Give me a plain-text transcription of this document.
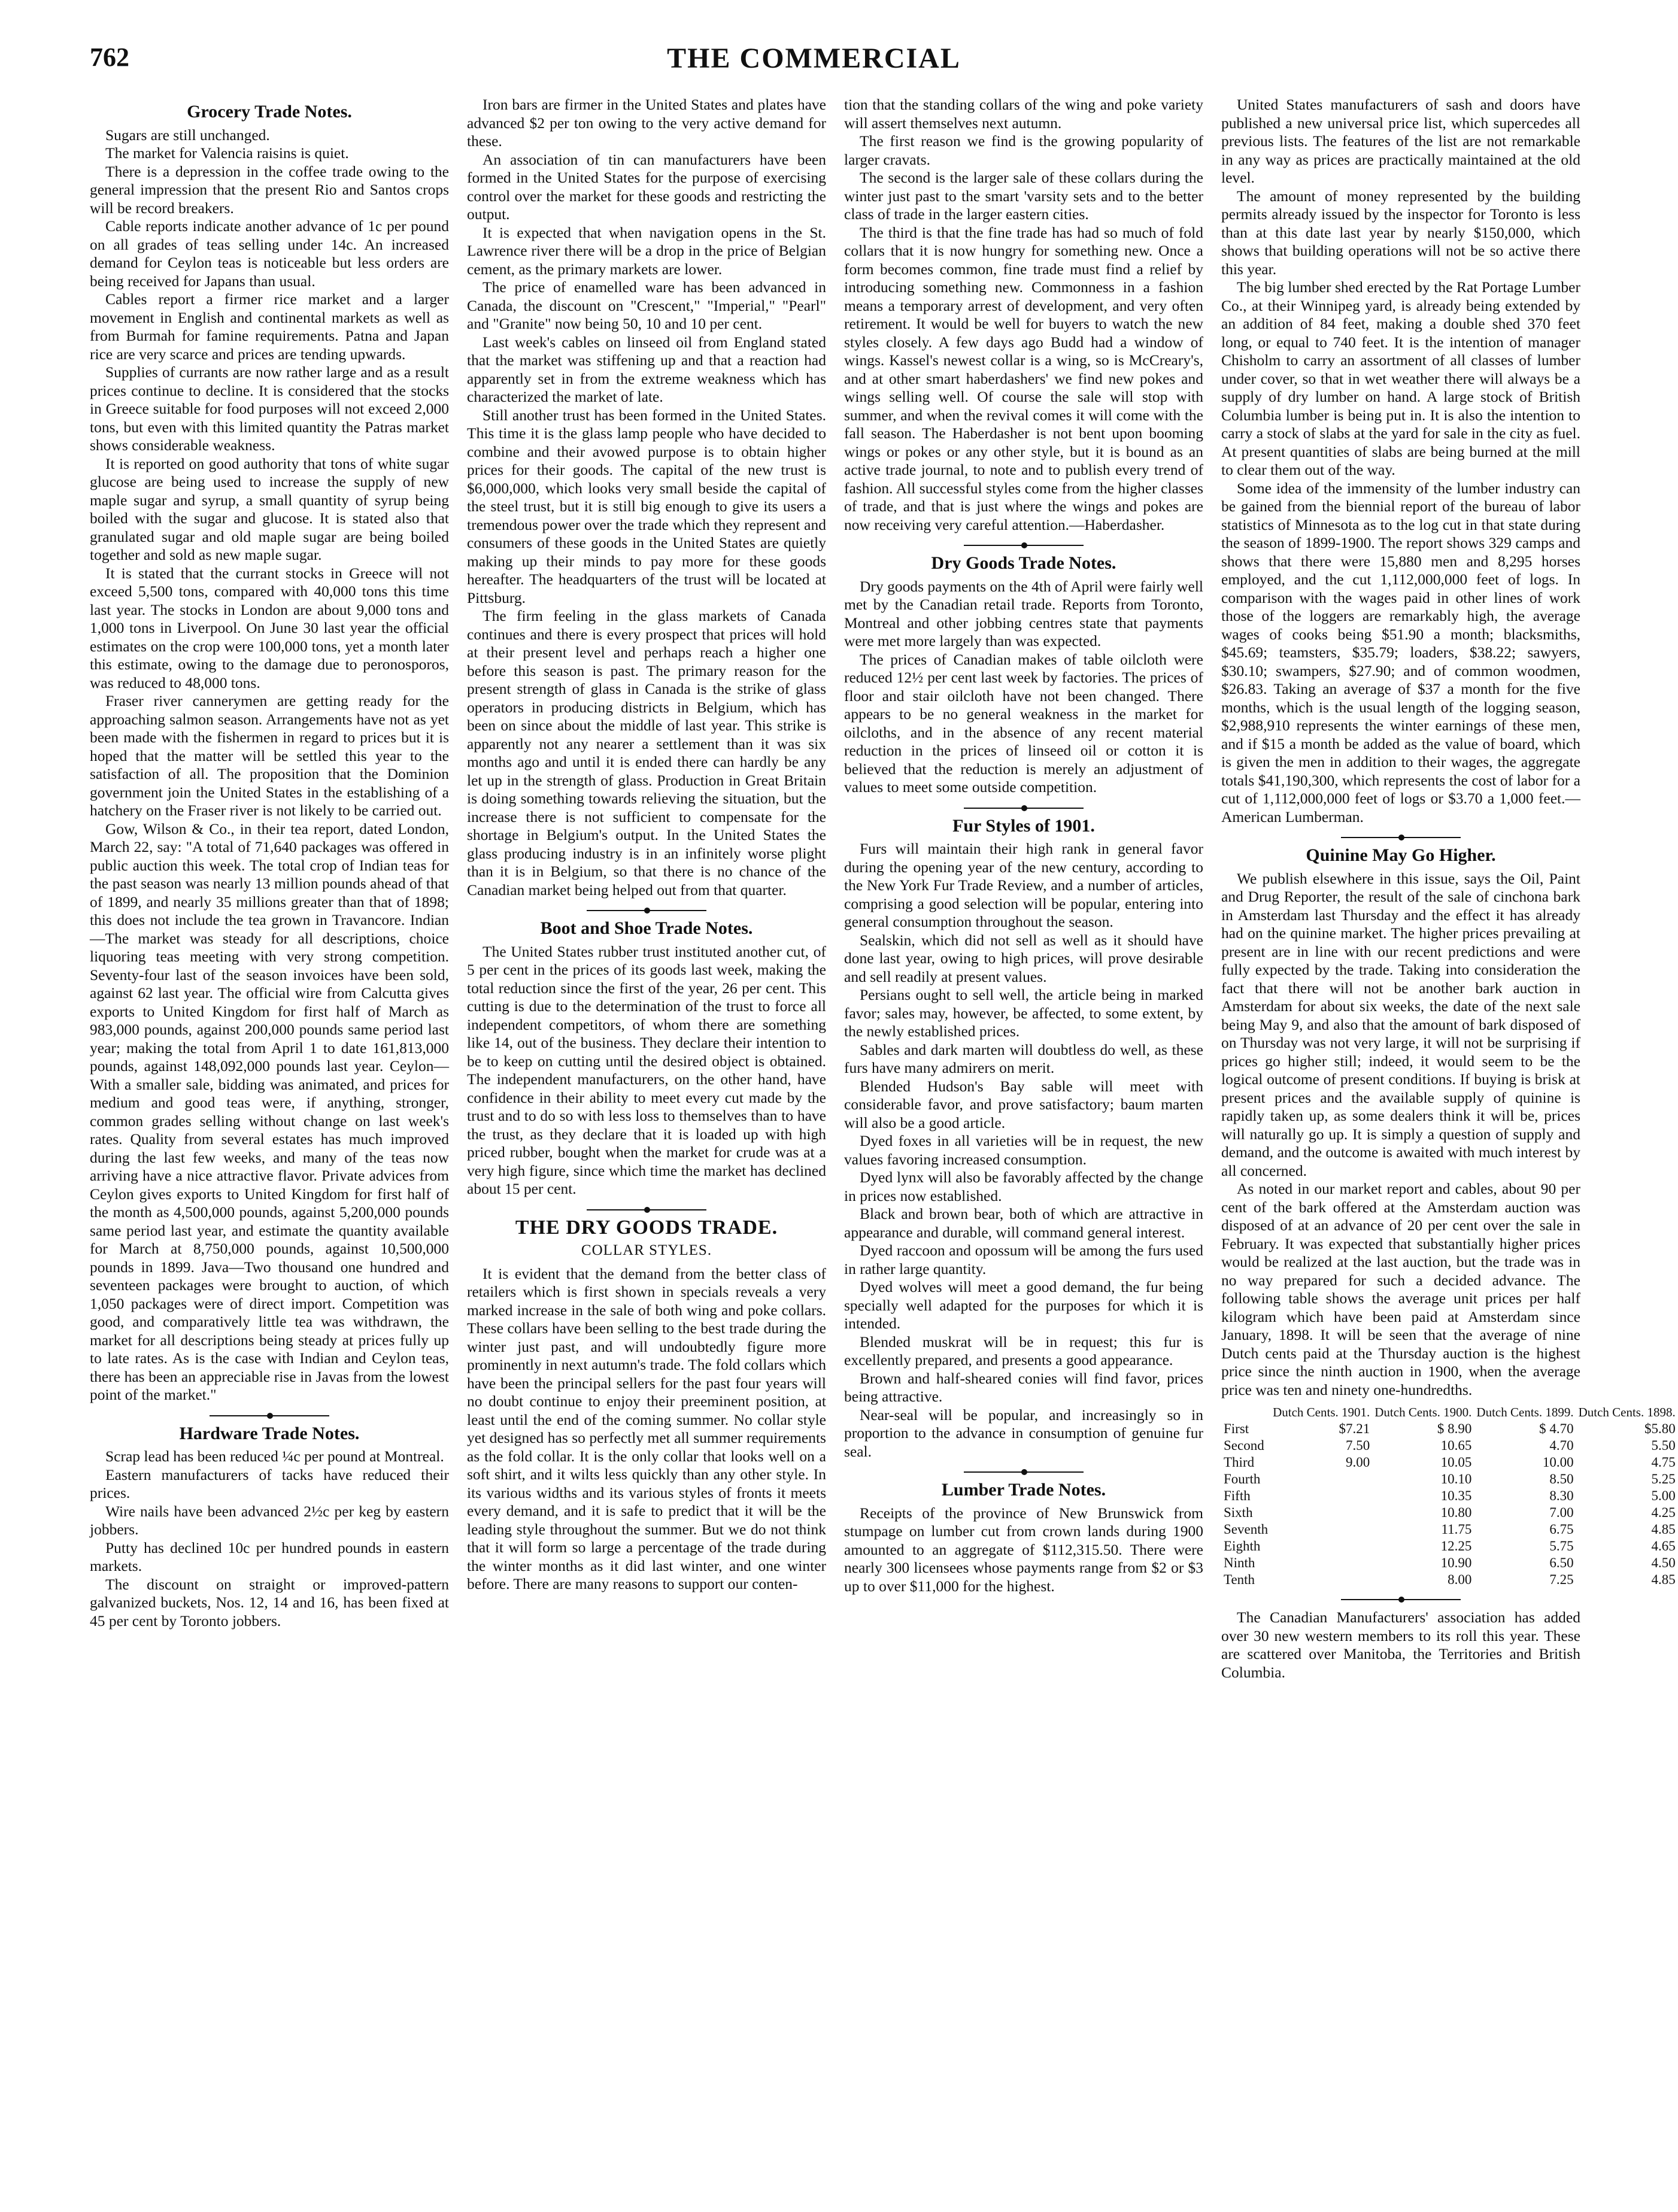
762	THE COMMERCIAL
Grocery Trade Notes.

Sugars are still unchanged.

The market for Valencia raisins is quiet.

There is a depression in the coffee trade owing to the general impression that the present Rio and Santos crops will be record breakers.

Cable reports indicate another advance of 1c per pound on all grades of teas selling under 14c. An increased demand for Ceylon teas is noticeable but less orders are being received for Japans than usual.

Cables report a firmer rice market and a larger movement in English and continental markets as well as from Burmah for famine requirements. Patna and Japan rice are very scarce and prices are tending upwards.

Supplies of currants are now rather large and as a result prices continue to decline. It is considered that the stocks in Greece suitable for food purposes will not exceed 2,000 tons, but even with this limited quantity the Patras market shows considerable weakness.

It is reported on good authority that tons of white sugar glucose are being used to increase the supply of new maple sugar and syrup, a small quantity of syrup being boiled with the sugar and glucose. It is stated also that granulated sugar and old maple sugar are being boiled together and sold as new maple sugar.

It is stated that the currant stocks in Greece will not exceed 5,500 tons, compared with 40,000 tons this time last year. The stocks in London are about 9,000 tons and 1,000 tons in Liverpool. On June 30 last year the official estimates on the crop were 100,000 tons, yet a month later this estimate, owing to the damage due to peronosporos, was reduced to 48,000 tons.

Fraser river cannerymen are getting ready for the approaching salmon season. Arrangements have not as yet been made with the fishermen in regard to prices but it is hoped that the matter will be settled this year to the satisfaction of all. The proposition that the Dominion government join the United States in the establishing of a hatchery on the Fraser river is not likely to be carried out.

Gow, Wilson & Co., in their tea report, dated London, March 22, say: "A total of 71,640 packages was offered in public auction this week. The total crop of Indian teas for the past season was nearly 13 million pounds ahead of that of 1899, and nearly 35 millions greater than that of 1898; this does not include the tea grown in Travancore. Indian—The market was steady for all descriptions, choice liquoring teas meeting with very strong competition. Seventy-four last of the season invoices have been sold, against 62 last year. The official wire from Calcutta gives exports to United Kingdom for first half of March as 983,000 pounds, against 200,000 pounds same period last year; making the total from April 1 to date 161,813,000 pounds, against 148,092,000 pounds last year. Ceylon—With a smaller sale, bidding was animated, and prices for medium and good teas were, if anything, stronger, common grades selling without change on last week's rates. Quality from several estates has much improved during the last few weeks, and many of the teas now arriving have a nice attractive flavor. Private advices from Ceylon gives exports to United Kingdom for first half of the month as 4,500,000 pounds, against 5,200,000 pounds same period last year, and estimate the quantity available for March at 8,750,000 pounds, against 10,500,000 pounds in 1899. Java—Two thousand one hundred and seventeen packages were brought to auction, of which 1,050 packages were of direct import. Competition was good, and comparatively little tea was withdrawn, the market for all descriptions being steady at prices fully up to late rates. As is the case with Indian and Ceylon teas, there has been an appreciable rise in Javas from the lowest point of the market."

Hardware Trade Notes.

Scrap lead has been reduced ¼c per pound at Montreal.

Eastern manufacturers of tacks have reduced their prices.

Wire nails have been advanced 2½c per keg by eastern jobbers.

Putty has declined 10c per hundred pounds in eastern markets.

The discount on straight or improved-pattern galvanized buckets, Nos. 12, 14 and 16, has been fixed at 45 per cent by Toronto jobbers.

Iron bars are firmer in the United States and plates have advanced $2 per ton owing to the very active demand for these.

An association of tin can manufacturers have been formed in the United States for the purpose of exercising control over the market for these goods and restricting the output.

It is expected that when navigation opens in the St. Lawrence river there will be a drop in the price of Belgian cement, as the primary markets are lower.

The price of enamelled ware has been advanced in Canada, the discount on "Crescent," "Imperial," "Pearl" and "Granite" now being 50, 10 and 10 per cent.

Last week's cables on linseed oil from England stated that the market was stiffening up and that a reaction had apparently set in from the extreme weakness which has characterized the market of late.

Still another trust has been formed in the United States. This time it is the glass lamp people who have decided to combine and their avowed purpose is to obtain higher prices for their goods. The capital of the new trust is $6,000,000, which looks very small beside the capital of the steel trust, but it is still big enough to give its users a tremendous power over the trade which they represent and consumers of these goods in the United States are quietly making up their minds to pay more for these goods hereafter. The headquarters of the trust will be located at Pittsburg.

The firm feeling in the glass markets of Canada continues and there is every prospect that prices will hold at their present level and perhaps reach a higher one before this season is past. The primary reason for the present strength of glass in Canada is the strike of glass operators in producing districts in Belgium, which has been on since about the middle of last year. This strike is apparently not any nearer a settlement than it was six months ago and until it is ended there can hardly be any let up in the strength of glass. Production in Great Britain is doing something towards relieving the situation, but the increase there is not sufficient to compensate for the shortage in Belgium's output. In the United States the glass producing industry is in an infinitely worse plight than it is in Belgium, so that there is no chance of the Canadian market being helped out from that quarter.

Boot and Shoe Trade Notes.

The United States rubber trust instituted another cut, of 5 per cent in the prices of its goods last week, making the total reduction since the first of the year, 26 per cent. This cutting is due to the determination of the trust to force all independent competitors, of whom there are something like 14, out of the business. They declare their intention to be to keep on cutting until the desired object is obtained. The independent manufacturers, on the other hand, have confidence in their ability to meet every cut made by the trust and to do so with less loss to themselves than to have the trust, as they declare that it is loaded up with high priced rubber, bought when the market for crude was at a very high figure, since which time the market has declined about 15 per cent.

THE DRY GOODS TRADE.
COLLAR STYLES.

It is evident that the demand from the better class of retailers which is first shown in specials reveals a very marked increase in the sale of both wing and poke collars. These collars have been selling to the best trade during the winter just past, and will undoubtedly figure more prominently in next autumn's trade. The fold collars which have been the principal sellers for the past four years will no doubt continue to enjoy their preeminent position, at least until the end of the coming summer. No collar style yet designed has so perfectly met all summer requirements as the fold collar. It is the only collar that looks well on a soft shirt, and it wilts less quickly than any other style. In its various widths and its various styles of fronts it meets every demand, and it is safe to predict that it will be the leading style throughout the summer. But we do not think that it will form so large a percentage of the trade during the winter months as it did last winter, and one winter before. There are many reasons to support our conten-

tion that the standing collars of the wing and poke variety will assert themselves next autumn.

The first reason we find is the growing popularity of larger cravats.

The second is the larger sale of these collars during the winter just past to the smart 'varsity sets and to the better class of trade in the larger eastern cities.

The third is that the fine trade has had so much of fold collars that it is now hungry for something new. Once a form becomes common, fine trade must find a relief by introducing something new. Commonness in a fashion means a temporary arrest of development, and very often retirement. It would be well for buyers to watch the new styles closely. A few days ago Budd had a window of wings. Kassel's newest collar is a wing, so is McCreary's, and at other smart haberdashers' we find new pokes and wings selling well. Of course the sale will stop with summer, and when the revival comes it will come with the fall season. The Haberdasher is not bent upon booming wings or pokes or any other style, but it is bound as an active trade journal, to note and to publish every trend of fashion. All successful styles come from the higher classes of trade, and that is just where the wings and pokes are now receiving very careful attention.—Haberdasher.

Dry Goods Trade Notes.

Dry goods payments on the 4th of April were fairly well met by the Canadian retail trade. Reports from Toronto, Montreal and other jobbing centres state that payments were met more largely than was expected.

The prices of Canadian makes of table oilcloth were reduced 12½ per cent last week by factories. The prices of floor and stair oilcloth have not been changed. There appears to be no general weakness in the market for oilcloths, and in the absence of any recent material reduction in the prices of linseed oil or cotton it is believed that the reduction is merely an adjustment of values to meet some outside competition.

Fur Styles of 1901.

Furs will maintain their high rank in general favor during the opening year of the new century, according to the New York Fur Trade Review, and a number of articles, comprising a good selection will be popular, entering into general consumption throughout the season.

Sealskin, which did not sell as well as it should have done last year, owing to high prices, will prove desirable and sell readily at present values.

Persians ought to sell well, the article being in marked favor; sales may, however, be affected, to some extent, by the newly established prices.

Sables and dark marten will doubtless do well, as these furs have many admirers on merit.

Blended Hudson's Bay sable will meet with considerable favor, and prove satisfactory; baum marten will also be a good article.

Dyed foxes in all varieties will be in request, the new values favoring increased consumption.

Dyed lynx will also be favorably affected by the change in prices now established.

Black and brown bear, both of which are attractive in appearance and durable, will command general interest.

Dyed raccoon and opossum will be among the furs used in rather large quantity.

Dyed wolves will meet a good demand, the fur being specially well adapted for the purposes for which it is intended.

Blended muskrat will be in request; this fur is excellently prepared, and presents a good appearance.

Brown and half-sheared conies will find favor, prices being attractive.

Near-seal will be popular, and increasingly so in proportion to the advance in consumption of genuine fur seal.

Lumber Trade Notes.

Receipts of the province of New Brunswick from stumpage on lumber cut from crown lands during 1900 amounted to an aggregate of $112,315.50. There were nearly 300 licensees whose payments range from $2 or $3 up to over $11,000 for the highest.

United States manufacturers of sash and doors have published a new universal price list, which supercedes all previous lists. The features of the list are not remarkable in any way as prices are practically maintained at the old level.

The amount of money represented by the building permits already issued by the inspector for Toronto is less than at this date last year by nearly $150,000, which shows that building operations will not be so active there this year.

The big lumber shed erected by the Rat Portage Lumber Co., at their Winnipeg yard, is already being extended by an addition of 84 feet, making a double shed 370 feet long, or equal to 740 feet. It is the intention of manager Chisholm to carry an assortment of all classes of lumber under cover, so that in wet weather there will always be a supply of dry lumber on hand. A large stock of British Columbia lumber is being put in. It is also the intention to carry a stock of slabs at the yard for sale in the city as fuel. At present quantities of slabs are being burned at the mill to clear them out of the way.

Some idea of the immensity of the lumber industry can be gained from the biennial report of the bureau of labor statistics of Minnesota as to the log cut in that state during the season of 1899-1900. The report shows 329 camps and shows that there were 15,880 men and 8,295 horses employed, and the cut 1,112,000,000 feet of logs. In comparison with the wages paid in other lines of work those of the loggers are remarkably high, the average wages of cooks being $51.90 a month; blacksmiths, $45.69; teamsters, $35.79; loaders, $38.22; sawyers, $30.10; swampers, $27.90; and of common woodmen, $26.83. Taking an average of $37 a month for the five months, which is the usual length of the logging season, $2,988,910 represents the winter earnings of these men, and if $15 a month be added as the value of board, which is given the men in addition to their wages, the aggregate totals $41,190,300, which represents the cost of labor for a cut of 1,112,000,000 feet of logs or $3.70 a 1,000 feet.—American Lumberman.

Quinine May Go Higher.

We publish elsewhere in this issue, says the Oil, Paint and Drug Reporter, the result of the sale of cinchona bark in Amsterdam last Thursday and the effect it has already had on the quinine market. The higher prices prevailing at present are in line with our recent predictions and were fully expected by the trade. Taking into consideration the fact that there will not be another bark auction in Amsterdam for about six weeks, the date of the next sale being May 9, and also that the amount of bark disposed of on Thursday was not very large, it will not be surprising if prices go higher still; indeed, it would seem to be the logical outcome of present conditions. If buying is brisk at present prices and the available supply of quinine is rapidly taken up, as some dealers think it will be, prices will naturally go up. It is simply a question of supply and demand, and the outcome is awaited with much interest by all concerned.

As noted in our market report and cables, about 90 per cent of the bark offered at the Amsterdam auction was disposed of at an advance of 20 per cent over the sale in February. It was expected that substantially higher prices would be realized at the last auction, but the trade was in no way prepared for such a decided advance. The following table shows the average unit prices per half kilogram which have been paid at Amsterdam since January, 1898. It will be seen that the average of nine Dutch cents paid at the Thursday auction is the highest price since the ninth auction in 1900, when the average price was ten and ninety one-hundredths.

	Dutch Cents. 1901.	Dutch Cents. 1900.	Dutch Cents. 1899.	Dutch Cents. 1898.
First	$7.21	$ 8.90	$ 4.70	$5.80
Second	7.50	10.65	4.70	5.50
Third	9.00	10.05	10.00	4.75
Fourth		10.10	8.50	5.25
Fifth		10.35	8.30	5.00
Sixth		10.80	7.00	4.25
Seventh		11.75	6.75	4.85
Eighth		12.25	5.75	4.65
Ninth		10.90	6.50	4.50
Tenth		8.00	7.25	4.85

The Canadian Manufacturers' association has added over 30 new western members to its roll this year. These are scattered over Manitoba, the Territories and British Columbia.
